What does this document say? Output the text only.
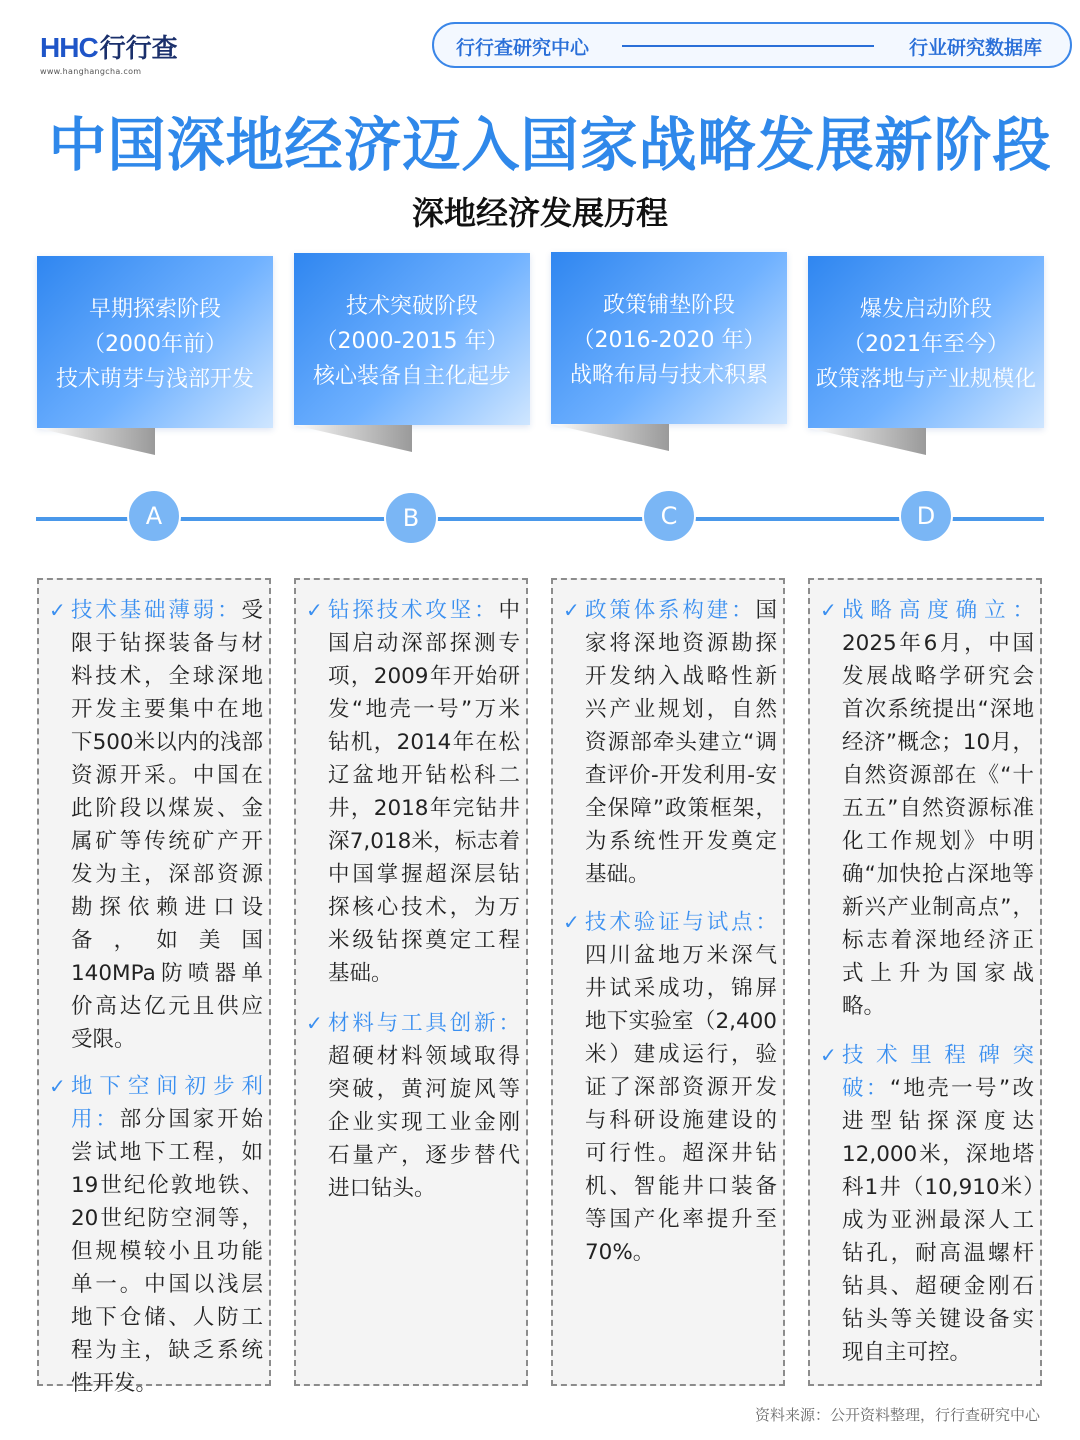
HHC 行行查
www.hanghangcha.com
行行查研究中心	行业研究数据库
中国深地经济迈入国家战略发展新阶段
深地经济发展历程
早期探索阶段
（2000年前）
技术萌芽与浅部开发
技术突破阶段
（2000-2015 年）
核心装备自主化起步
政策铺垫阶段
（2016-2020 年）
战略布局与技术积累
爆发启动阶段
（2021年至今）
政策落地与产业规模化
A	B	C	D
✓ 技术基础薄弱：受限于钻探装备与材料技术，全球深地开发主要集中在地下500米以内的浅部资源开采。中国在此阶段以煤炭、金属矿等传统矿产开发为主，深部资源勘探依赖进口设备，如美国140MPa防喷器单价高达亿元且供应受限。
✓ 地下空间初步利用：部分国家开始尝试地下工程，如19世纪伦敦地铁、20世纪防空洞等，但规模较小且功能单一。中国以浅层地下仓储、人防工程为主，缺乏系统性开发。
✓ 钻探技术攻坚：中国启动深部探测专项，2009年开始研发“地壳一号”万米钻机，2014年在松辽盆地开钻松科二井，2018年完钻井深7,018米，标志着中国掌握超深层钻探核心技术，为万米级钻探奠定工程基础。
✓ 材料与工具创新：超硬材料领域取得突破，黄河旋风等企业实现工业金刚石量产，逐步替代进口钻头。
✓ 政策体系构建：国家将深地资源勘探开发纳入战略性新兴产业规划，自然资源部牵头建立“调查评价-开发利用-安全保障”政策框架，为系统性开发奠定基础。
✓ 技术验证与试点：四川盆地万米深气井试采成功，锦屏地下实验室（2,400米）建成运行，验证了深部资源开发与科研设施建设的可行性。超深井钻机、智能井口装备等国产化率提升至70%。
✓ 战略高度确立：2025年6月，中国发展战略学研究会首次系统提出“深地经济”概念；10月，自然资源部在《“十五五”自然资源标准化工作规划》中明确“加快抢占深地等新兴产业制高点”，标志着深地经济正式上升为国家战略。
✓ 技术里程碑突破：“地壳一号”改进型钻探深度达12,000米，深地塔科1井（10,910米）成为亚洲最深人工钻孔，耐高温螺杆钻具、超硬金刚石钻头等关键设备实现自主可控。
资料来源：公开资料整理，行行查研究中心
